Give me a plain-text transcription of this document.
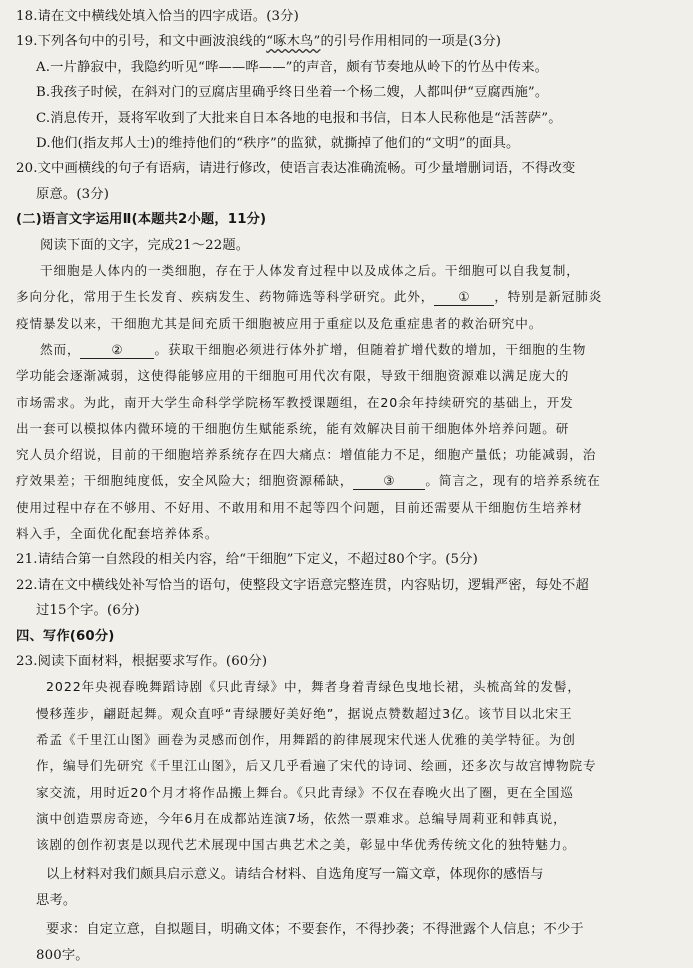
18.请在文中横线处填入恰当的四字成语。(3分)

19.下列各句中的引号，和文中画波浪线的“啄木鸟”的引号作用相同的一项是(3分)

A.一片静寂中，我隐约听见“哗——哗——”的声音，颇有节奏地从岭下的竹丛中传来。

B.我孩子时候，在斜对门的豆腐店里确乎终日坐着一个杨二嫂，人都叫伊“豆腐西施”。

C.消息传开，聂将军收到了大批来自日本各地的电报和书信，日本人民称他是“活菩萨”。

D.他们(指友邦人士)的维持他们的“秩序”的监狱，就撕掉了他们的“文明”的面具。

20.文中画横线的句子有语病，请进行修改，使语言表达准确流畅。可少量增删词语，不得改变

原意。(3分)

(二)语言文字运用Ⅱ(本题共2小题，11分)

阅读下面的文字，完成21～22题。

干细胞是人体内的一类细胞，存在于人体发育过程中以及成体之后。干细胞可以自我复制，

多向分化，常用于生长发育、疾病发生、药物筛选等科学研究。此外， ① ，特别是新冠肺炎

疫情暴发以来，干细胞尤其是间充质干细胞被应用于重症以及危重症患者的救治研究中。

然而， ② 。获取干细胞必须进行体外扩增，但随着扩增代数的增加，干细胞的生物

学功能会逐渐减弱，这使得能够应用的干细胞可用代次有限，导致干细胞资源难以满足庞大的

市场需求。为此，南开大学生命科学学院杨军教授课题组，在20余年持续研究的基础上，开发

出一套可以模拟体内微环境的干细胞仿生赋能系统，能有效解决目前干细胞体外培养问题。研

究人员介绍说，目前的干细胞培养系统存在四大痛点：增值能力不足，细胞产量低；功能减弱，治

疗效果差；干细胞纯度低，安全风险大；细胞资源稀缺， ③ 。简言之，现有的培养系统在

使用过程中存在不够用、不好用、不敢用和用不起等四个问题，目前还需要从干细胞仿生培养材

料入手，全面优化配套培养体系。

21.请结合第一自然段的相关内容，给“干细胞”下定义，不超过80个字。(5分)

22.请在文中横线处补写恰当的语句，使整段文字语意完整连贯，内容贴切，逻辑严密，每处不超

过15个字。(6分)

四、写作(60分)

23.阅读下面材料，根据要求写作。(60分)

2022年央视春晚舞蹈诗剧《只此青绿》中，舞者身着青绿色曳地长裙，头梳高耸的发髻，

慢移莲步，翩跹起舞。观众直呼“青绿腰好美好绝”，据说点赞数超过3亿。该节目以北宋王

希孟《千里江山图》画卷为灵感而创作，用舞蹈的韵律展现宋代迷人优雅的美学特征。为创

作，编导们先研究《千里江山图》，后又几乎看遍了宋代的诗词、绘画，还多次与故宫博物院专

家交流，用时近20个月才将作品搬上舞台。《只此青绿》不仅在春晚火出了圈，更在全国巡

演中创造票房奇迹，今年6月在成都站连演7场，依然一票难求。总编导周莉亚和韩真说，

该剧的创作初衷是以现代艺术展现中国古典艺术之美，彰显中华优秀传统文化的独特魅力。

以上材料对我们颇具启示意义。请结合材料、自选角度写一篇文章，体现你的感悟与

思考。

要求：自定立意，自拟题目，明确文体；不要套作，不得抄袭；不得泄露个人信息；不少于

800字。
